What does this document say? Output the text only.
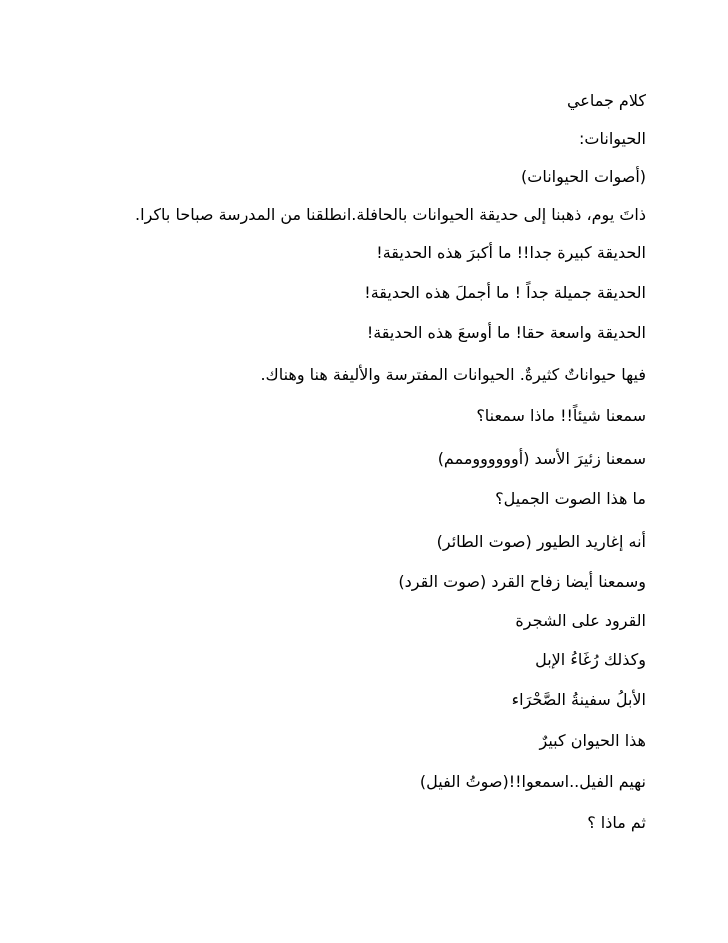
كلام جماعي
الحيوانات:
(أصوات الحيوانات)
ذاتَ يوم، ذهبنا إلى حديقة الحيوانات بالحافلة.انطلقنا من المدرسة صباحا باكرا.
الحديقة كبيرة جدا!! ما أكبرَ هذه الحديقة!
الحديقة جميلة جداً ! ما أجملَ هذه الحديقة!
الحديقة واسعة حقا! ما أوسعَ هذه الحديقة!
فيها حيواناتٌ كثيرةٌ. الحيوانات المفترسة والأليفة هنا وهناك.
سمعنا شيئاً!! ماذا سمعنا؟
سمعنا زئيرَ الأسد (أووووووممم)
ما هذا الصوت الجميل؟
أنه إغاريد الطيور (صوت الطائر)
وسمعنا أيضا زفاح القرد (صوت القرد)
القرود على الشجرة
وكذلك رُغَاءُ الإبل
الأبلُ سفينةُ الصَّحْرَاء
هذا الحيوان كبيرٌ
نهيم الفيل..اسمعوا!!(صوتُ الفيل)
ثم ماذا ؟
